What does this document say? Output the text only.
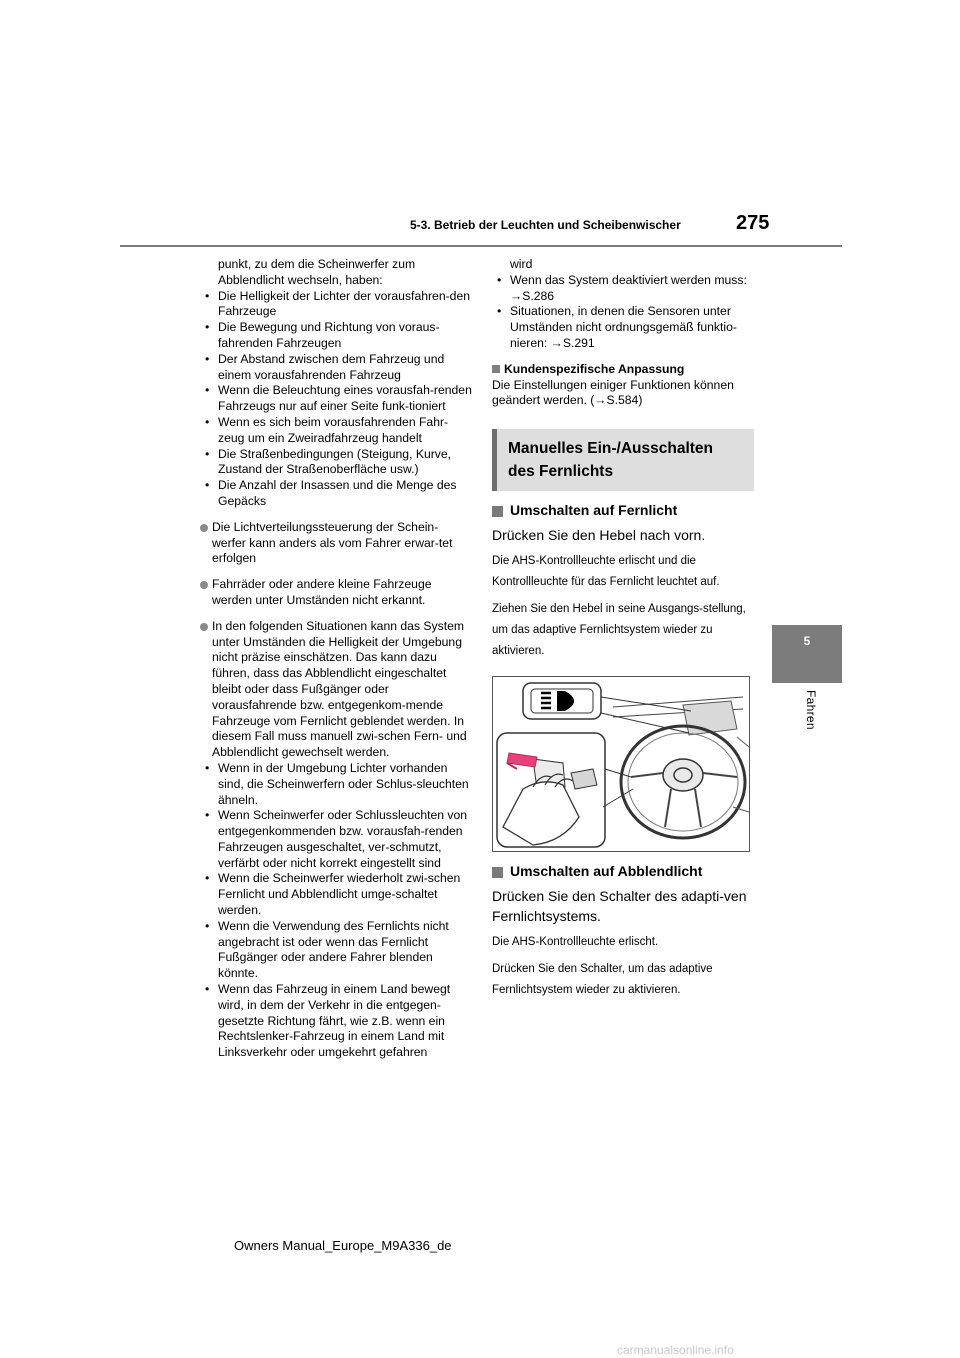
5-3. Betrieb der Leuchten und Scheibenwischer	275
5
Fahren
punkt, zu dem die Scheinwerfer zum Abblendlicht wechseln, haben:
• Die Helligkeit der Lichter der vorausfahren-den Fahrzeuge
• Die Bewegung und Richtung von voraus-fahrenden Fahrzeugen
• Der Abstand zwischen dem Fahrzeug und einem vorausfahrenden Fahrzeug
• Wenn die Beleuchtung eines vorausfah-renden Fahrzeugs nur auf einer Seite funk-tioniert
• Wenn es sich beim vorausfahrenden Fahr-zeug um ein Zweiradfahrzeug handelt
• Die Straßenbedingungen (Steigung, Kurve, Zustand der Straßenoberfläche usw.)
• Die Anzahl der Insassen und die Menge des Gepäcks
Die Lichtverteilungssteuerung der Schein-werfer kann anders als vom Fahrer erwar-tet erfolgen
Fahrräder oder andere kleine Fahrzeuge werden unter Umständen nicht erkannt.
In den folgenden Situationen kann das System unter Umständen die Helligkeit der Umgebung nicht präzise einschätzen. Das kann dazu führen, dass das Abblendlicht eingeschaltet bleibt oder dass Fußgänger oder vorausfahrende bzw. entgegenkom-mende Fahrzeuge vom Fernlicht geblendet werden. In diesem Fall muss manuell zwi-schen Fern- und Abblendlicht gewechselt werden.
• Wenn in der Umgebung Lichter vorhanden sind, die Scheinwerfern oder Schlus-sleuchten ähneln.
• Wenn Scheinwerfer oder Schlussleuchten von entgegenkommenden bzw. vorausfah-renden Fahrzeugen ausgeschaltet, ver-schmutzt, verfärbt oder nicht korrekt eingestellt sind
• Wenn die Scheinwerfer wiederholt zwi-schen Fernlicht und Abblendlicht umge-schaltet werden.
• Wenn die Verwendung des Fernlichts nicht angebracht ist oder wenn das Fernlicht Fußgänger oder andere Fahrer blenden könnte.
• Wenn das Fahrzeug in einem Land bewegt wird, in dem der Verkehr in die entgegen-gesetzte Richtung fährt, wie z.B. wenn ein Rechtslenker-Fahrzeug in einem Land mit Linksverkehr oder umgekehrt gefahren
wird
• Wenn das System deaktiviert werden muss: →S.286
• Situationen, in denen die Sensoren unter Umständen nicht ordnungsgemäß funktio-nieren: →S.291
Kundenspezifische Anpassung
Die Einstellungen einiger Funktionen können geändert werden. (→S.584)
Manuelles Ein-/Ausschalten
des Fernlichts
Umschalten auf Fernlicht
Drücken Sie den Hebel nach vorn.
Die AHS-Kontrollleuchte erlischt und die Kontrollleuchte für das Fernlicht leuchtet auf.
Ziehen Sie den Hebel in seine Ausgangs-stellung, um das adaptive Fernlichtsystem wieder zu aktivieren.
Umschalten auf Abblendlicht
Drücken Sie den Schalter des adapti-ven Fernlichtsystems.
Die AHS-Kontrollleuchte erlischt.
Drücken Sie den Schalter, um das adaptive Fernlichtsystem wieder zu aktivieren.
Owners Manual_Europe_M9A336_de
carmanualsonline.info
